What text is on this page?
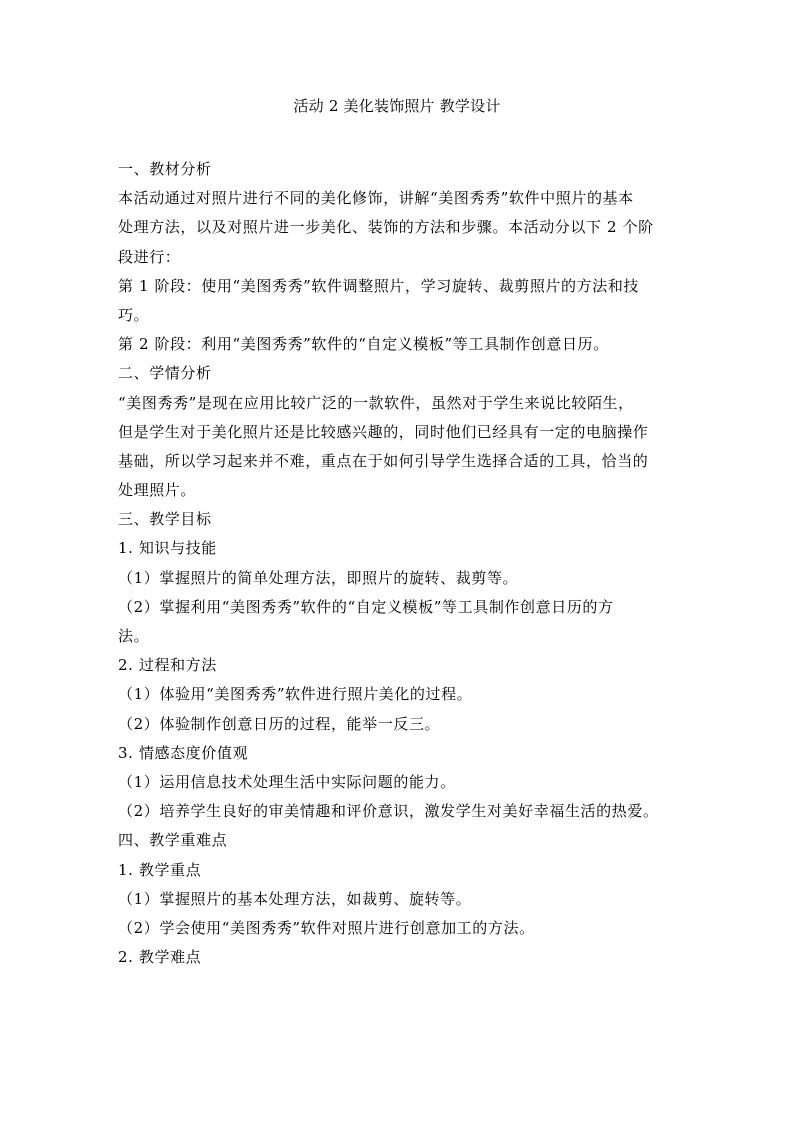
活动 2 美化装饰照片 教学设计

一、教材分析

本活动通过对照片进行不同的美化修饰，讲解“美图秀秀”软件中照片的基本

处理方法，以及对照片进一步美化、装饰的方法和步骤。本活动分以下 2 个阶

段进行：

第 1 阶段：使用“美图秀秀”软件调整照片，学习旋转、裁剪照片的方法和技

巧。

第 2 阶段：利用“美图秀秀”软件的“自定义模板”等工具制作创意日历。

二、学情分析

“美图秀秀”是现在应用比较广泛的一款软件，虽然对于学生来说比较陌生，

但是学生对于美化照片还是比较感兴趣的，同时他们已经具有一定的电脑操作

基础，所以学习起来并不难，重点在于如何引导学生选择合适的工具，恰当的

处理照片。

三、教学目标

1. 知识与技能

（1）掌握照片的简单处理方法，即照片的旋转、裁剪等。

（2）掌握利用“美图秀秀”软件的“自定义模板”等工具制作创意日历的方

法。

2. 过程和方法

（1）体验用“美图秀秀”软件进行照片美化的过程。

（2）体验制作创意日历的过程，能举一反三。

3. 情感态度价值观

（1）运用信息技术处理生活中实际问题的能力。

（2）培养学生良好的审美情趣和评价意识，激发学生对美好幸福生活的热爱。

四、教学重难点

1. 教学重点

（1）掌握照片的基本处理方法，如裁剪、旋转等。

（2）学会使用“美图秀秀”软件对照片进行创意加工的方法。

2. 教学难点
